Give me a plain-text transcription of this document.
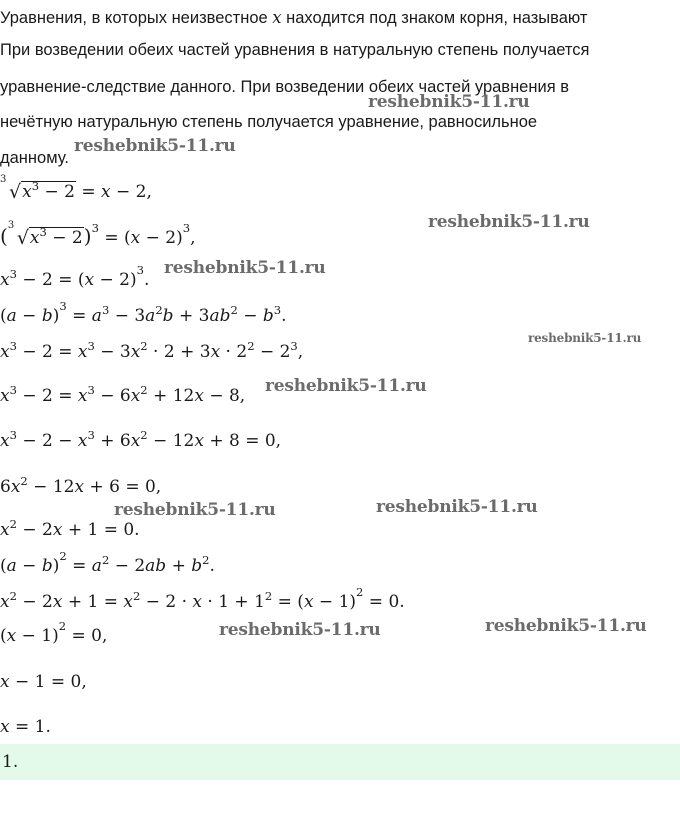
Уравнения, в которых неизвестное x находится под знаком корня, называют
При возведении обеих частей уравнения в натуральную степень получается
уравнение-следствие данного. При возведении обеих частей уравнения в
нечётную натуральную степень получается уравнение, равносильное
данному.
3
$√x^3 - 2 = x - 2$,
( 3
$√x^3 - 2)^3 = (x - 2)^3$,
$x^3 - 2 = (x - 2)^3$.
$(a - b)^3 = a^3 - 3a^2b + 3ab^2 - b^3$.
$x^3 - 2 = x^3 - 3x^2 \cdot 2 + 3x \cdot 2^2 - 2^3$,
$x^3 - 2 = x^3 - 6x^2 + 12x - 8$,
$x^3 - 2 - x^3 + 6x^2 - 12x + 8 = 0$,
$6x^2 - 12x + 6 = 0$,
$x^2 - 2x + 1 = 0$.
$(a - b)^2 = a^2 - 2ab + b^2$.
$x^2 - 2x + 1 = x^2 - 2 \cdot x \cdot 1 + 1^2 = (x - 1)^2 = 0$.
$(x - 1)^2 = 0$,
x − 1 = 0,
x = 1.
1.
reshebnik5-11.ru
reshebnik5-11.ru
reshebnik5-11.ru
reshebnik5-11.ru
reshebnik5-11.ru
reshebnik5-11.ru
reshebnik5-11.ru
reshebnik5-11.ru
reshebnik5-11.ru	reshebnik5-11.ru
